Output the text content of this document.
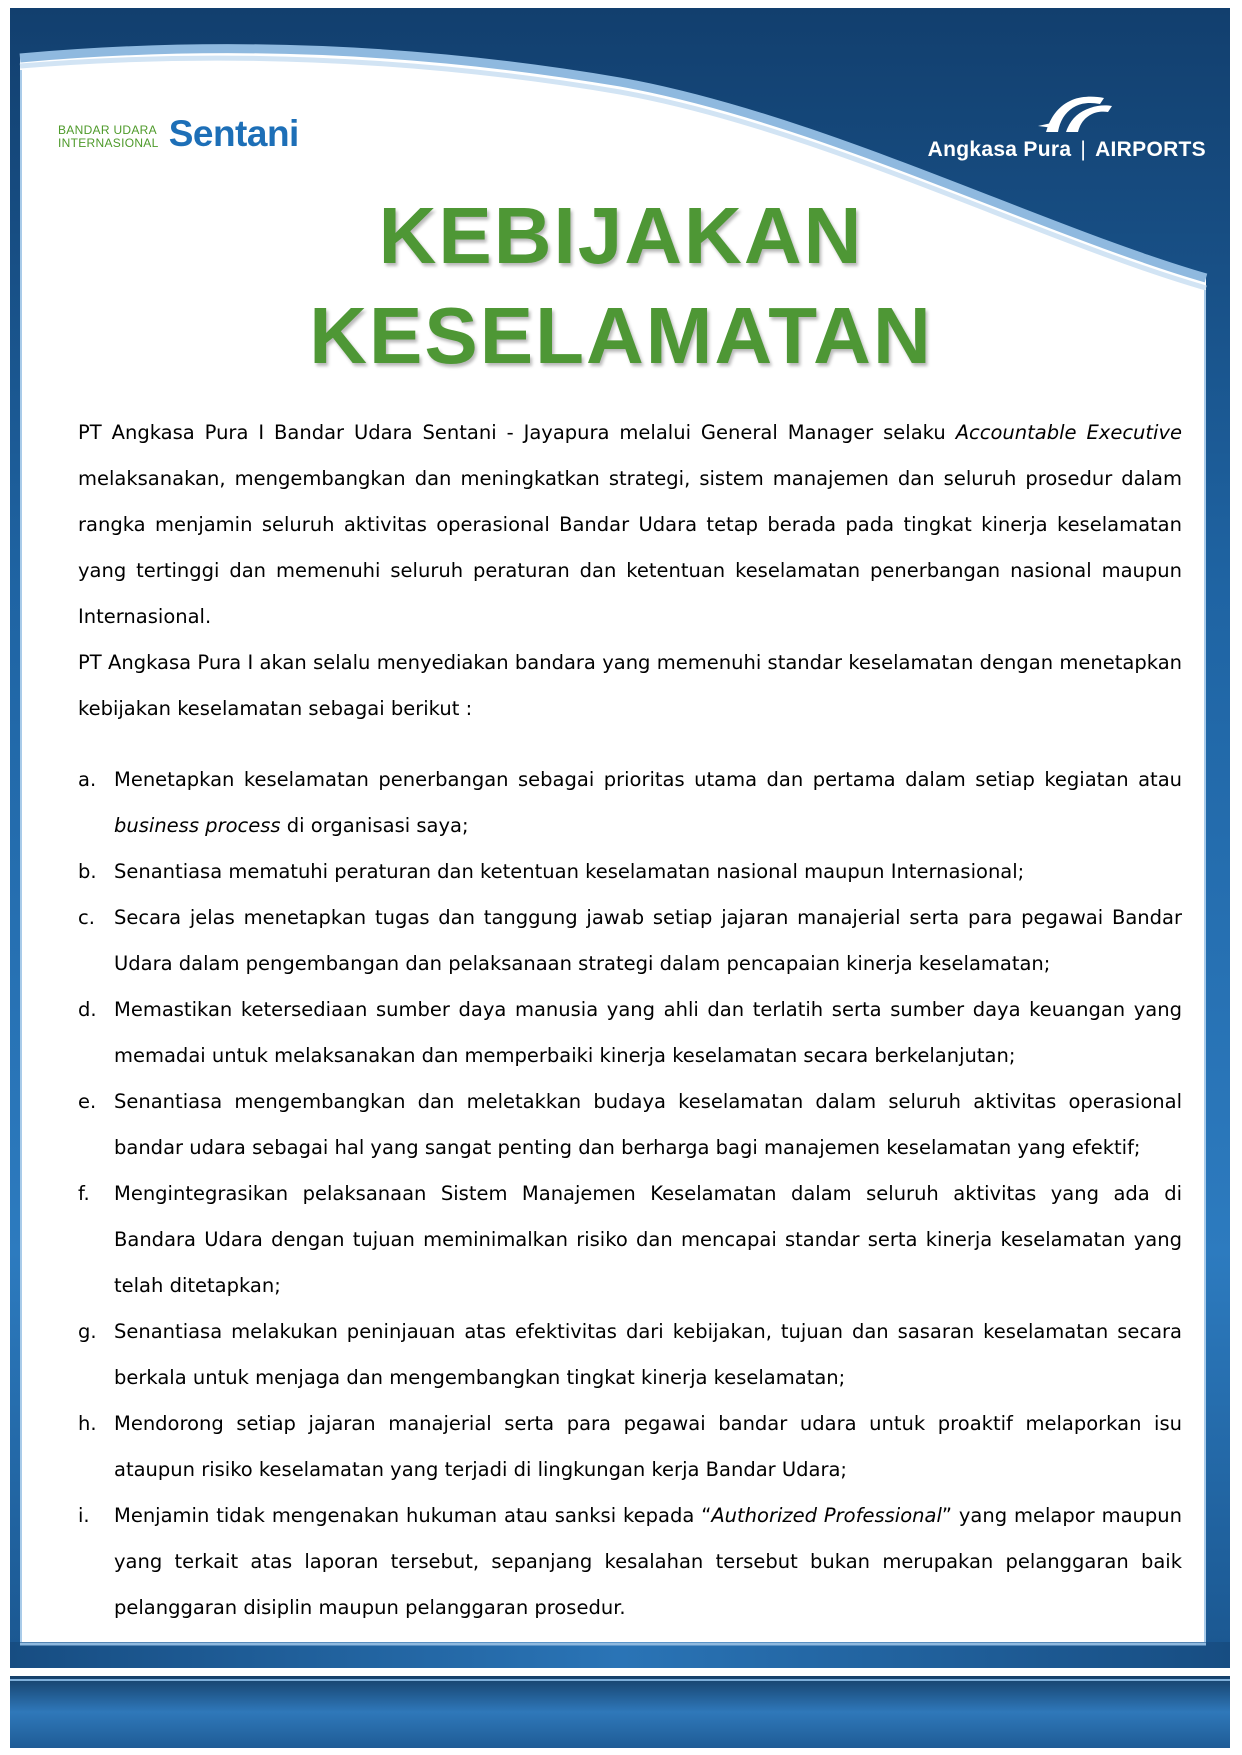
BANDAR UDARA
INTERNASIONAL Sentani	Angkasa Pura | AIRPORTS
KEBIJAKAN
KESELAMATAN

PT Angkasa Pura I Bandar Udara Sentani - Jayapura melalui General Manager selaku Accountable Executive melaksanakan, mengembangkan dan meningkatkan strategi, sistem manajemen dan seluruh prosedur dalam rangka menjamin seluruh aktivitas operasional Bandar Udara tetap berada pada tingkat kinerja keselamatan yang tertinggi dan memenuhi seluruh peraturan dan ketentuan keselamatan penerbangan nasional maupun Internasional.

PT Angkasa Pura I akan selalu menyediakan bandara yang memenuhi standar keselamatan dengan menetapkan kebijakan keselamatan sebagai berikut :

a. Menetapkan keselamatan penerbangan sebagai prioritas utama dan pertama dalam setiap kegiatan atau business process di organisasi saya;
b. Senantiasa mematuhi peraturan dan ketentuan keselamatan nasional maupun Internasional;
c. Secara jelas menetapkan tugas dan tanggung jawab setiap jajaran manajerial serta para pegawai Bandar Udara dalam pengembangan dan pelaksanaan strategi dalam pencapaian kinerja keselamatan;
d. Memastikan ketersediaan sumber daya manusia yang ahli dan terlatih serta sumber daya keuangan yang memadai untuk melaksanakan dan memperbaiki kinerja keselamatan secara berkelanjutan;
e. Senantiasa mengembangkan dan meletakkan budaya keselamatan dalam seluruh aktivitas operasional bandar udara sebagai hal yang sangat penting dan berharga bagi manajemen keselamatan yang efektif;
f. Mengintegrasikan pelaksanaan Sistem Manajemen Keselamatan dalam seluruh aktivitas yang ada di Bandara Udara dengan tujuan meminimalkan risiko dan mencapai standar serta kinerja keselamatan yang telah ditetapkan;
g. Senantiasa melakukan peninjauan atas efektivitas dari kebijakan, tujuan dan sasaran keselamatan secara berkala untuk menjaga dan mengembangkan tingkat kinerja keselamatan;
h. Mendorong setiap jajaran manajerial serta para pegawai bandar udara untuk proaktif melaporkan isu ataupun risiko keselamatan yang terjadi di lingkungan kerja Bandar Udara;
i. Menjamin tidak mengenakan hukuman atau sanksi kepada “Authorized Professional” yang melapor maupun yang terkait atas laporan tersebut, sepanjang kesalahan tersebut bukan merupakan pelanggaran baik pelanggaran disiplin maupun pelanggaran prosedur.
